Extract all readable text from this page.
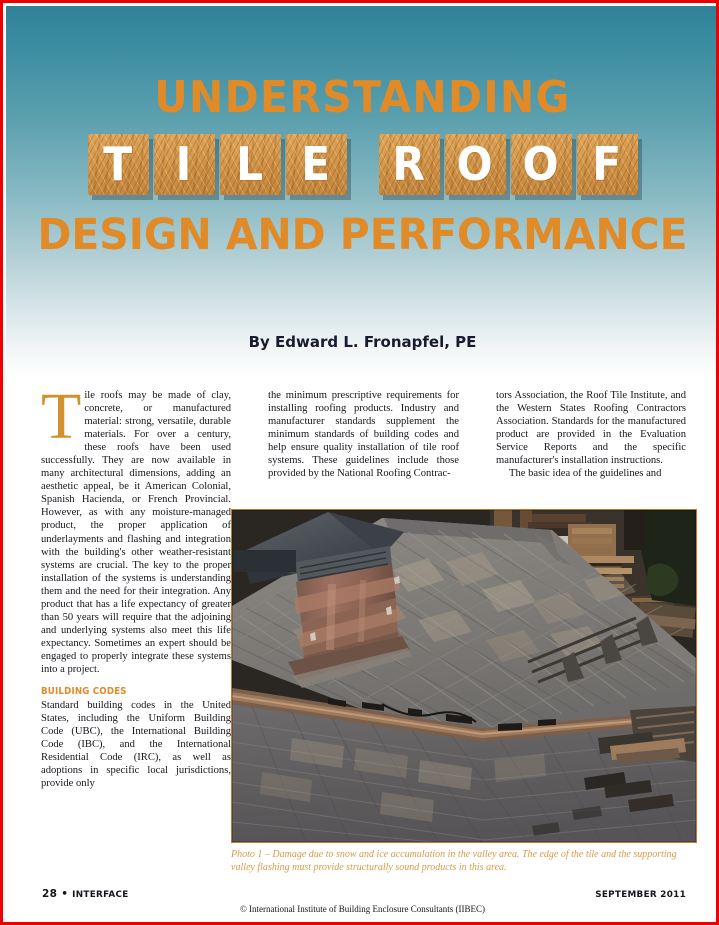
UNDERSTANDING
T I L E R O O F
DESIGN AND PERFORMANCE
By Edward L. Fronapfel, PE

Tile roofs may be made of clay, concrete, or manufactured material: strong, versatile, durable materials. For over a century, these roofs have been used successfully. They are now available in many architectural dimensions, adding an aesthetic appeal, be it American Colonial, Spanish Hacienda, or French Provincial. However, as with any moisture-managed product, the proper application of underlayments and flashing and integration with the building's other weather-resistant systems are crucial. The key to the proper installation of the systems is understanding them and the need for their integration. Any product that has a life expectancy of greater than 50 years will require that the adjoining and underlying systems also meet this life expectancy. Sometimes an expert should be engaged to properly integrate these systems into a project.

BUILDING CODES

Standard building codes in the United States, including the Uniform Building Code (UBC), the International Building Code (IBC), and the International Residential Code (IRC), as well as adoptions in specific local jurisdictions, provide only

the minimum prescriptive requirements for installing roofing products. Industry and manufacturer standards supplement the minimum standards of building codes and help ensure quality installation of tile roof systems. These guidelines include those provided by the National Roofing Contrac-

tors Association, the Roof Tile Institute, and the Western States Roofing Contractors Association. Standards for the manufactured product are provided in the Evaluation Service Reports and the specific manufacturer's installation instructions.

The basic idea of the guidelines and

Photo 1 – Damage due to snow and ice accumulation in the valley area. The edge of the tile and the supporting valley flashing must provide structurally sound products in this area.
28 • INTERFACE	SEPTEMBER 2011
© International Institute of Building Enclosure Consultants (IIBEC)
